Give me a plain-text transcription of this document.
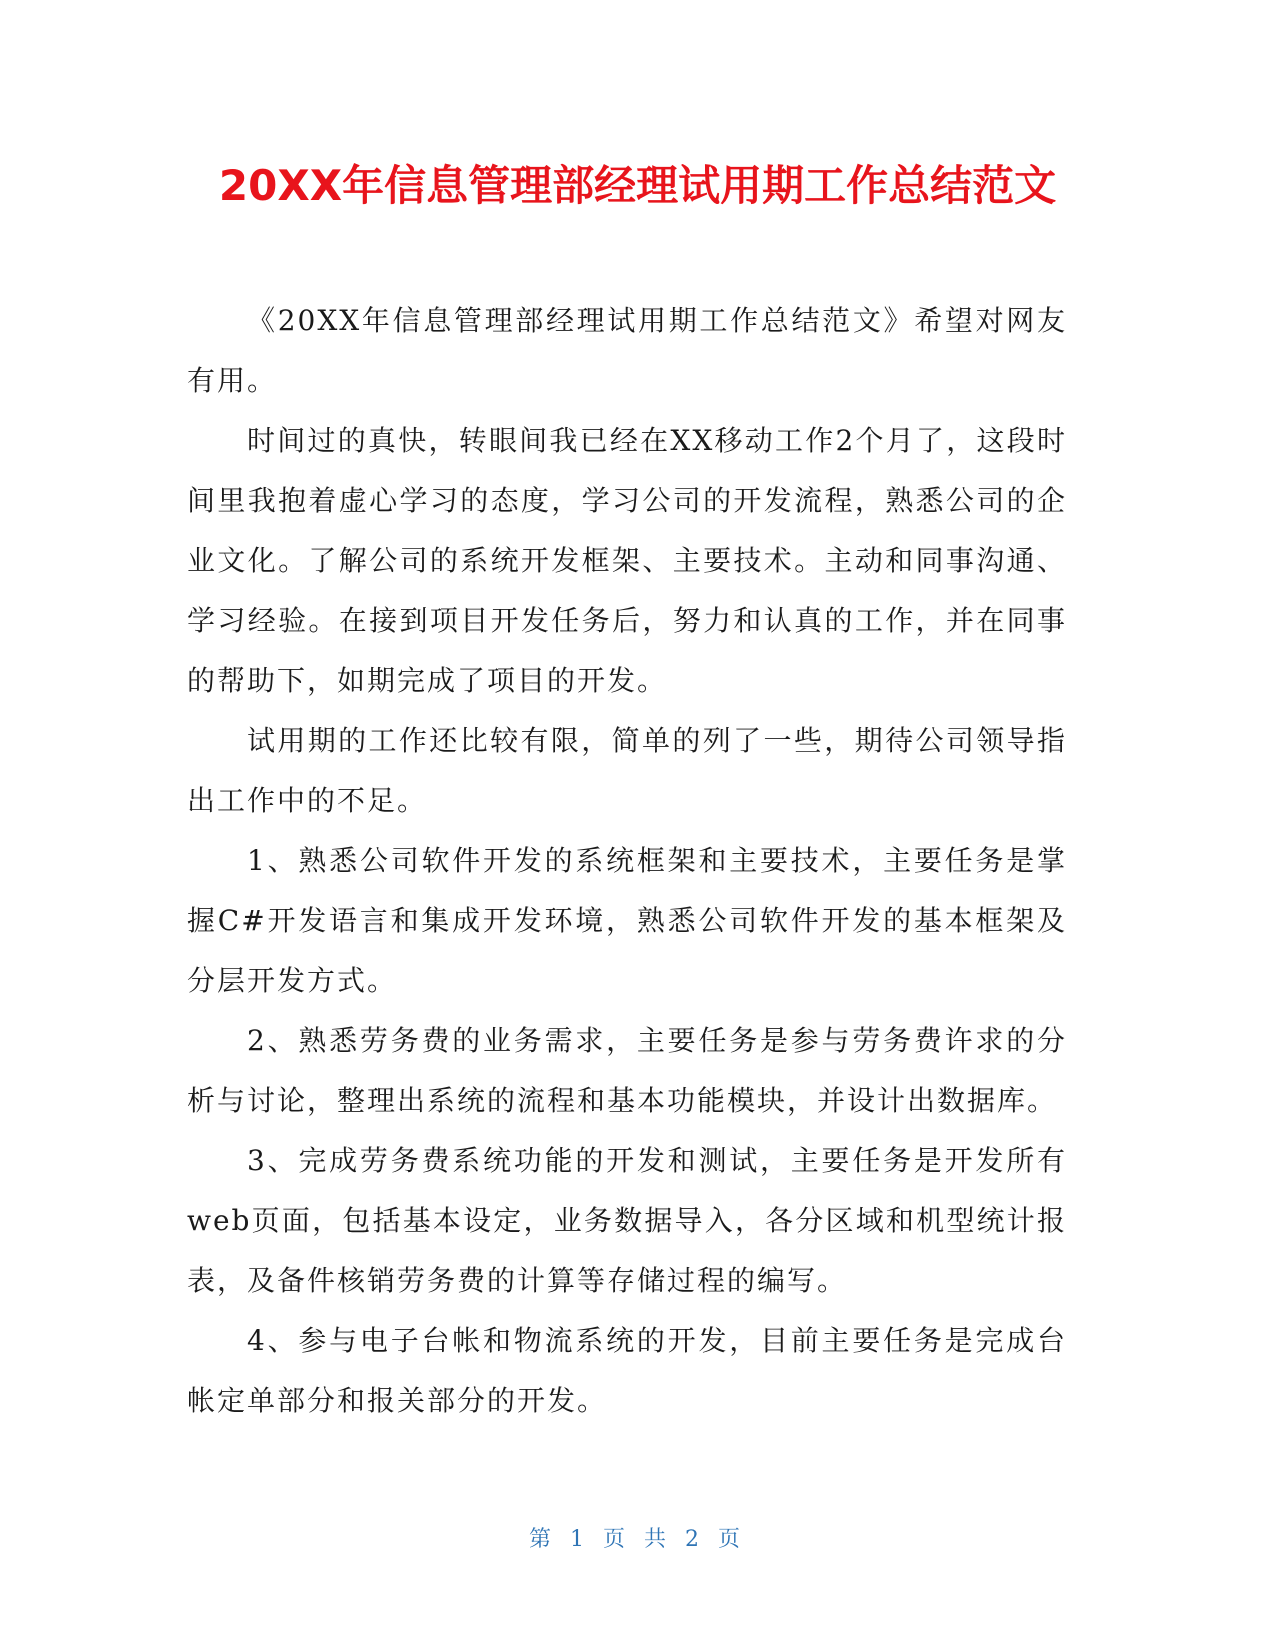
20XX年信息管理部经理试用期工作总结范文

《20XX年信息管理部经理试用期工作总结范文》希望对网友有用。

时间过的真快，转眼间我已经在XX移动工作2个月了，这段时间里我抱着虚心学习的态度，学习公司的开发流程，熟悉公司的企业文化。了解公司的系统开发框架、主要技术。主动和同事沟通、学习经验。在接到项目开发任务后，努力和认真的工作，并在同事的帮助下，如期完成了项目的开发。

试用期的工作还比较有限，简单的列了一些，期待公司领导指出工作中的不足。

1、熟悉公司软件开发的系统框架和主要技术，主要任务是掌握C#开发语言和集成开发环境，熟悉公司软件开发的基本框架及分层开发方式。

2、熟悉劳务费的业务需求，主要任务是参与劳务费许求的分析与讨论，整理出系统的流程和基本功能模块，并设计出数据库。

3、完成劳务费系统功能的开发和测试，主要任务是开发所有web页面，包括基本设定，业务数据导入，各分区域和机型统计报表，及备件核销劳务费的计算等存储过程的编写。

4、参与电子台帐和物流系统的开发，目前主要任务是完成台帐定单部分和报关部分的开发。

第 1 页 共 2 页
